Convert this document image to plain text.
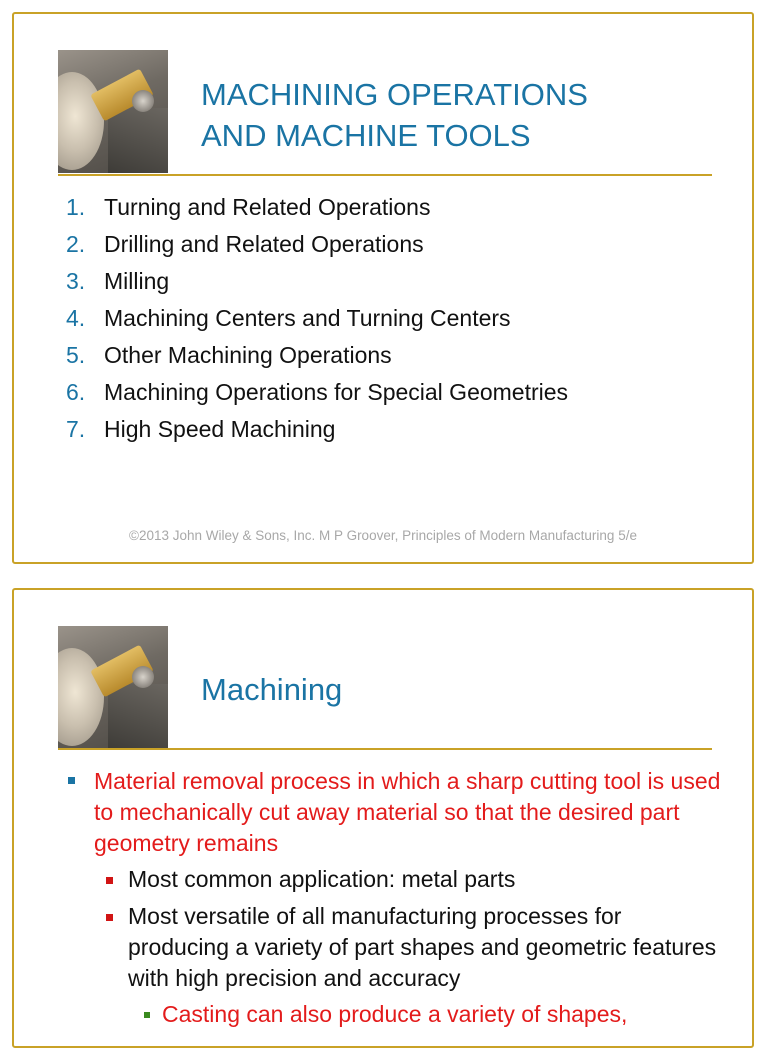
MACHINING OPERATIONS
AND MACHINE TOOLS
1. Turning and Related Operations
2. Drilling and Related Operations
3. Milling
4. Machining Centers and Turning Centers
5. Other Machining Operations
6. Machining Operations for Special Geometries
7. High Speed Machining
©2013 John Wiley & Sons, Inc. M P Groover, Principles of Modern Manufacturing 5/e
Machining
Material removal process in which a sharp cutting tool is used to mechanically cut away material so that the desired part geometry remains
Most common application: metal parts
Most versatile of all manufacturing processes for producing a variety of part shapes and geometric features with high precision and accuracy
Casting can also produce a variety of shapes,
